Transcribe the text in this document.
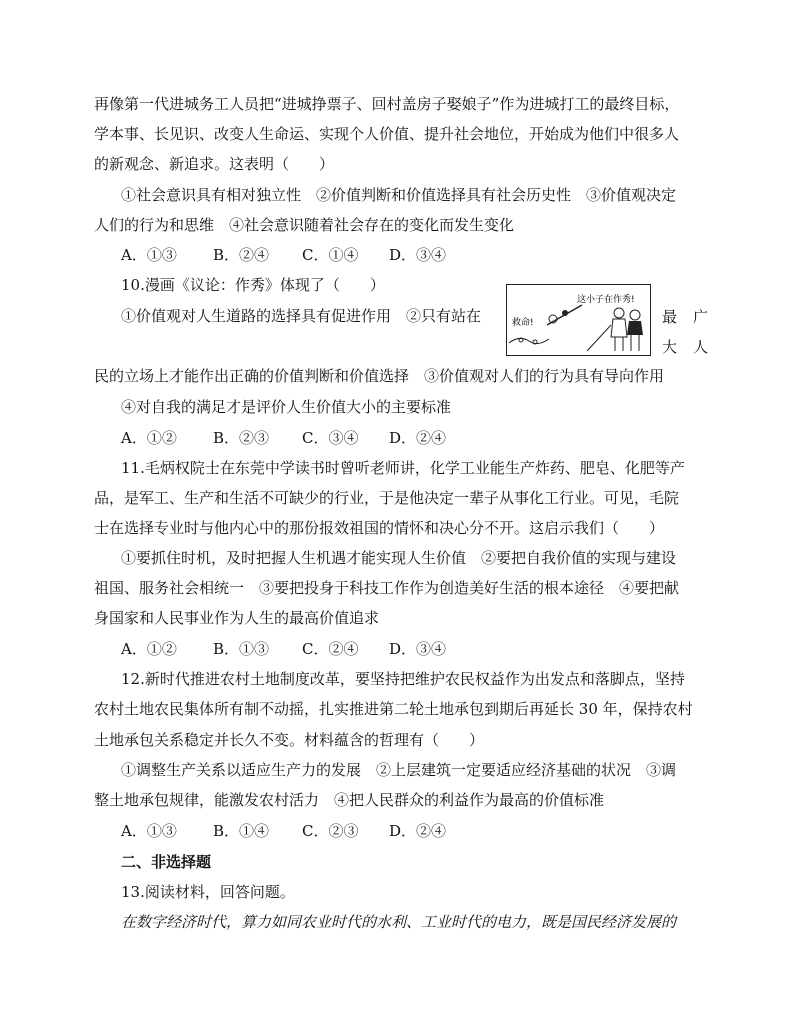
再像第一代进城务工人员把“进城挣票子、回村盖房子娶娘子”作为进城打工的最终目标，
学本事、长见识、改变人生命运、实现个人价值、提升社会地位，开始成为他们中很多人
的新观念、新追求。这表明（　　）
①社会意识具有相对独立性　②价值判断和价值选择具有社会历史性　③价值观决定
人们的行为和思维　④社会意识随着社会存在的变化而发生变化
A．①③ B．②④ C．①④ D．③④
10.漫画《议论：作秀》体现了（　　）
①价值观对人生道路的选择具有促进作用　②只有站在	救命!
这小子在作秀!
最广
大人
民的立场上才能作出正确的价值判断和价值选择　③价值观对人们的行为具有导向作用
④对自我的满足才是评价人生价值大小的主要标准
A．①② B．②③ C．③④ D．②④
11.毛炳权院士在东莞中学读书时曾听老师讲，化学工业能生产炸药、肥皂、化肥等产
品，是军工、生产和生活不可缺少的行业，于是他决定一辈子从事化工行业。可见，毛院
士在选择专业时与他内心中的那份报效祖国的情怀和决心分不开。这启示我们（　　）
①要抓住时机，及时把握人生机遇才能实现人生价值　②要把自我价值的实现与建设
祖国、服务社会相统一　③要把投身于科技工作作为创造美好生活的根本途径　④要把献
身国家和人民事业作为人生的最高价值追求
A．①② B．①③ C．②④ D．③④
12.新时代推进农村土地制度改革，要坚持把维护农民权益作为出发点和落脚点，坚持
农村土地农民集体所有制不动摇，扎实推进第二轮土地承包到期后再延长 30 年，保持农村
土地承包关系稳定并长久不变。材料蕴含的哲理有（　　）
①调整生产关系以适应生产力的发展　②上层建筑一定要适应经济基础的状况　③调
整土地承包规律，能激发农村活力　④把人民群众的利益作为最高的价值标准
A．①③ B．①④ C．②③ D．②④
二、非选择题
13.阅读材料，回答问题。
在数字经济时代，算力如同农业时代的水利、工业时代的电力，既是国民经济发展的
